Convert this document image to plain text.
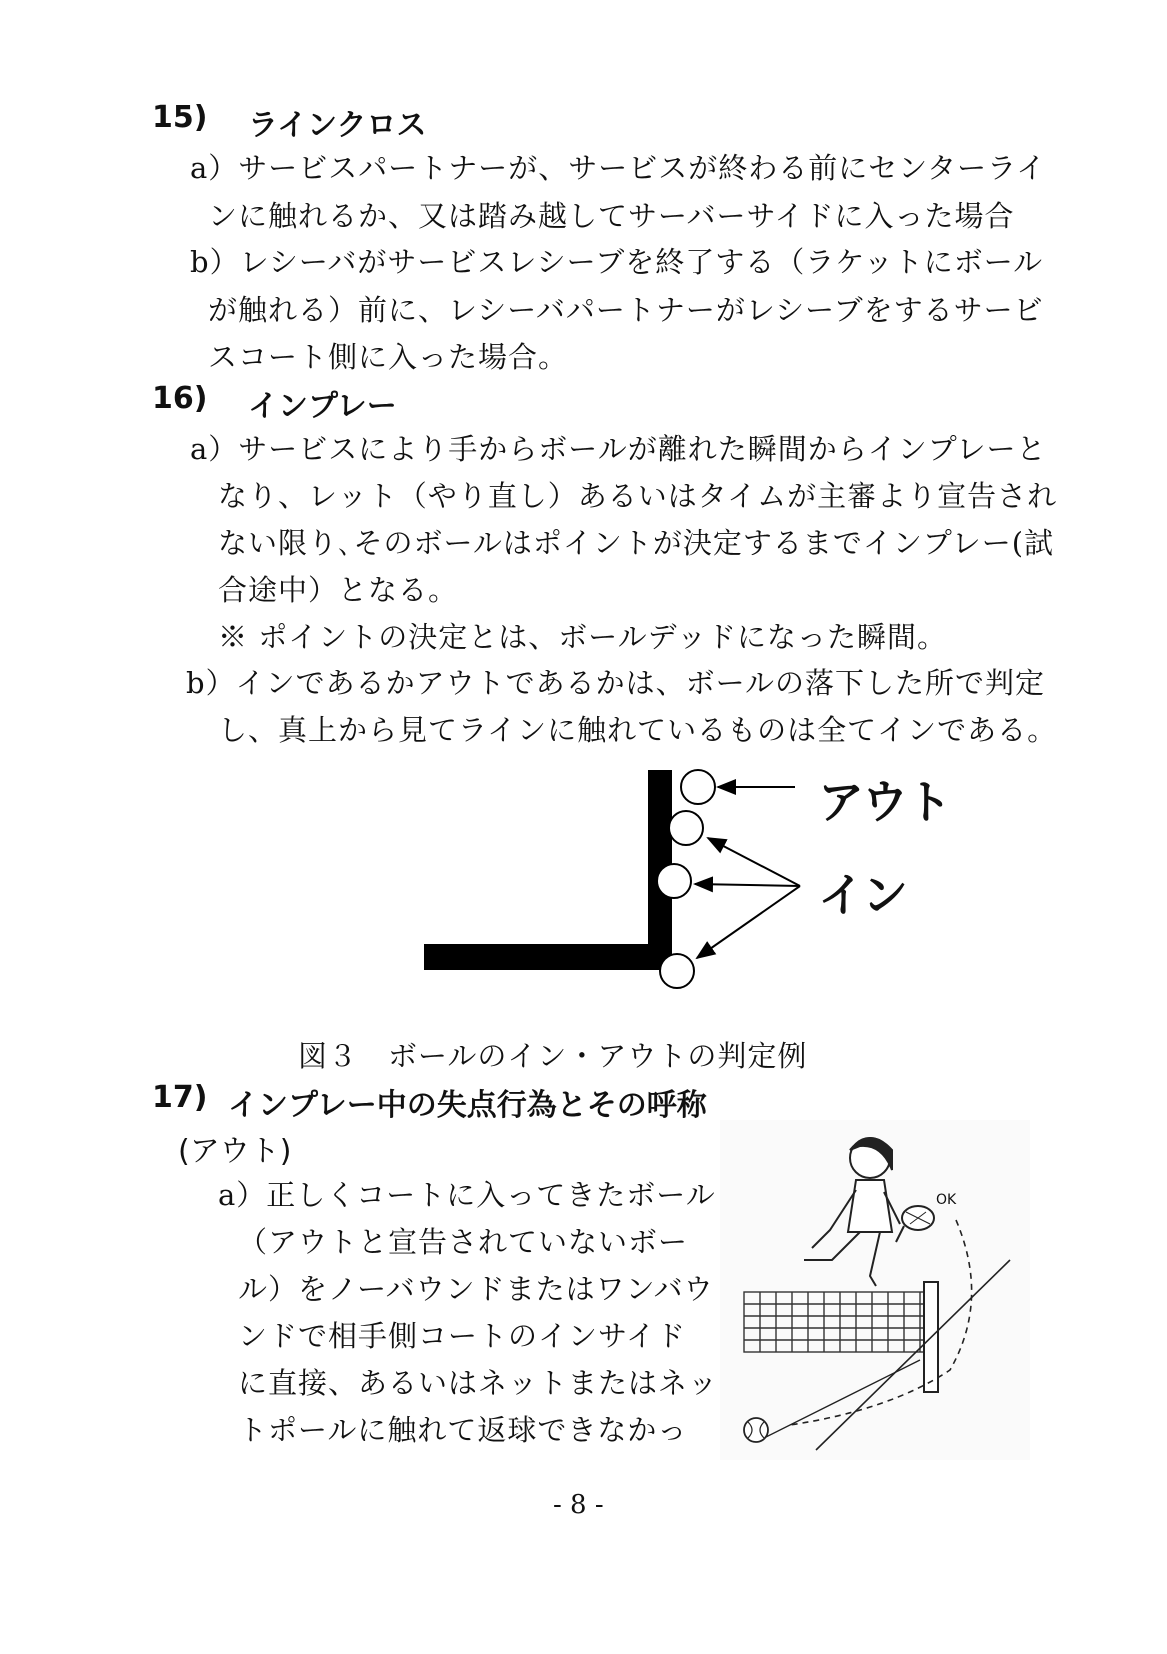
15) ラインクロス
a）サービスパートナーが、サービスが終わる前にセンターライ
ンに触れるか、又は踏み越してサーバーサイドに入った場合
b）レシーバがサービスレシーブを終了する（ラケットにボール
が触れる）前に、レシーバパートナーがレシーブをするサービ
スコート側に入った場合。
16) インプレー
a）サービスにより手からボールが離れた瞬間からインプレーと
なり、レット（やり直し）あるいはタイムが主審より宣告され
ない限り､そのボールはポイントが決定するまでインプレー(試
合途中）となる。
※ ポイントの決定とは、ボールデッドになった瞬間。
b）インであるかアウトであるかは、ボールの落下した所で判定
し、真上から見てラインに触れているものは全てインである。
アウト
イン
図３　ボールのイン・アウトの判定例
17) インプレー中の失点行為とその呼称
(アウト)
a）正しくコートに入ってきたボール
（アウトと宣告されていないボー
ル）をノーバウンドまたはワンバウ
ンドで相手側コートのインサイド
に直接、あるいはネットまたはネッ
トポールに触れて返球できなかっ
OK
- 8 -
